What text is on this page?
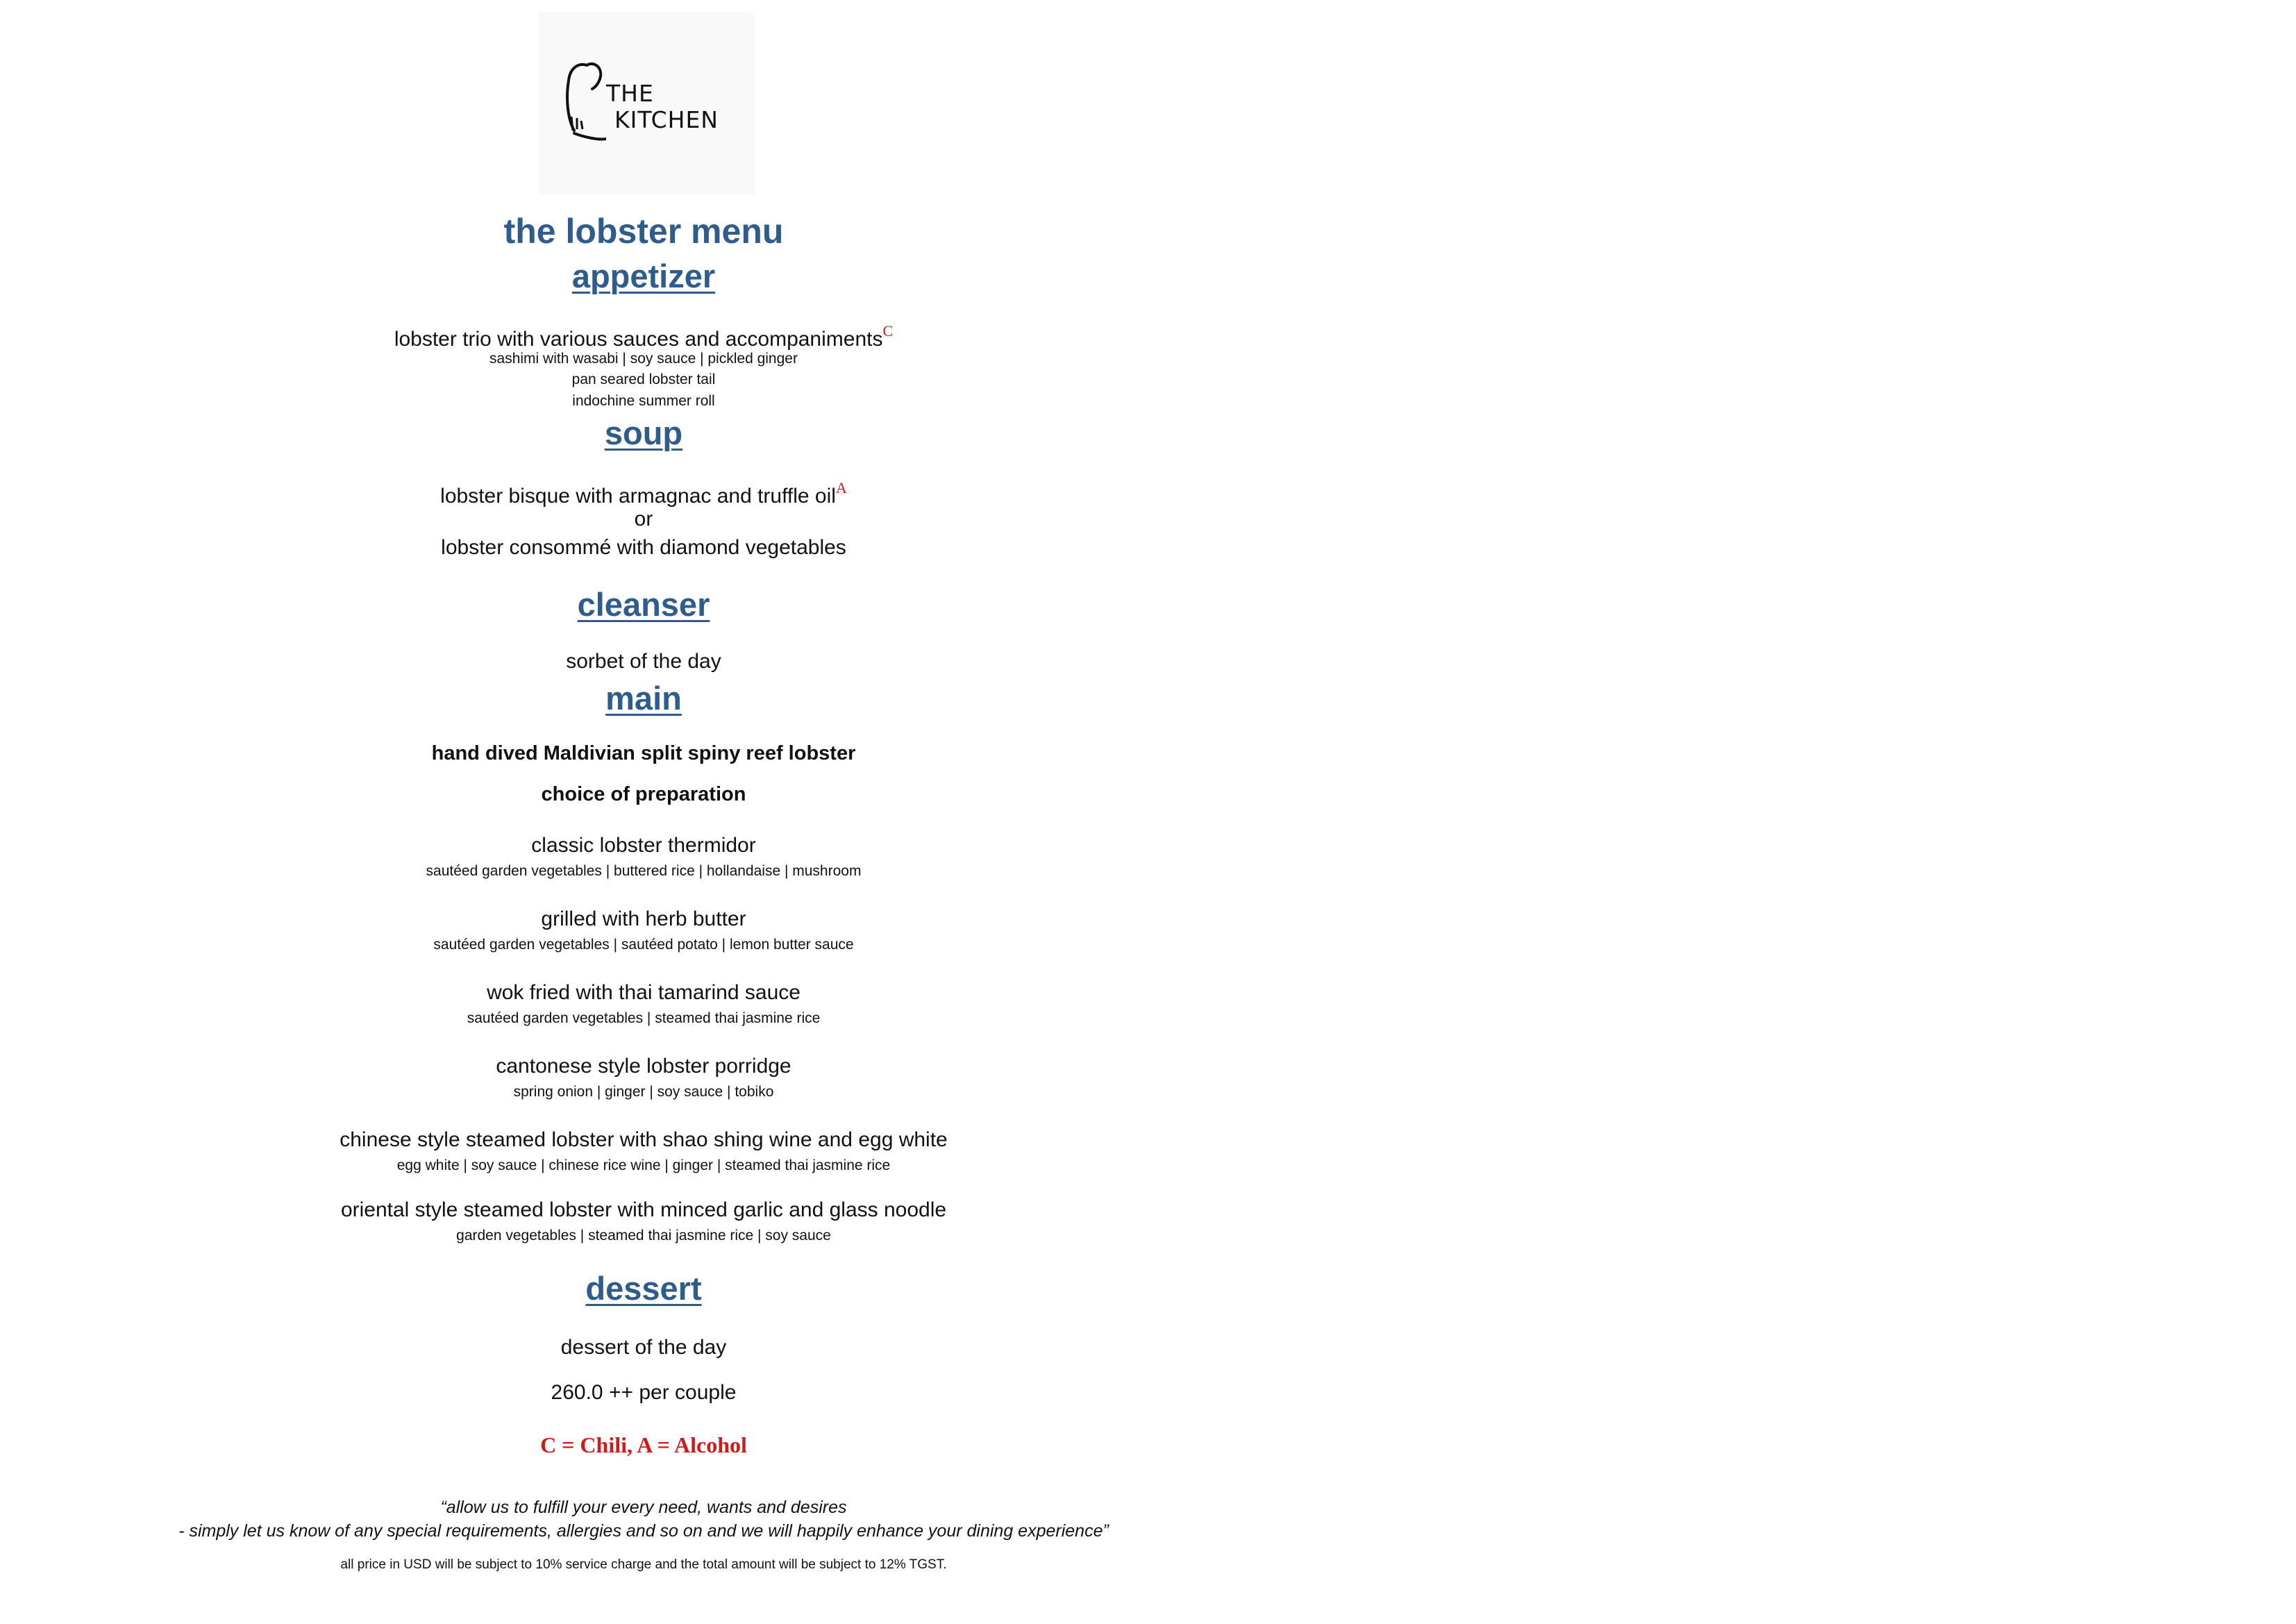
THE
KITCHEN
the lobster menu
appetizer
lobster trio with various sauces and accompaniments$^C$
sashimi with wasabi | soy sauce | pickled ginger
pan seared lobster tail
indochine summer roll
soup
lobster bisque with armagnac and truffle oil$^A$
or
lobster consommé with diamond vegetables
cleanser
sorbet of the day
main
hand dived Maldivian split spiny reef lobster
choice of preparation
classic lobster thermidor
sautéed garden vegetables | buttered rice | hollandaise | mushroom
grilled with herb butter
sautéed garden vegetables | sautéed potato | lemon butter sauce
wok fried with thai tamarind sauce
sautéed garden vegetables | steamed thai jasmine rice
cantonese style lobster porridge
spring onion | ginger | soy sauce | tobiko
chinese style steamed lobster with shao shing wine and egg white
egg white | soy sauce | chinese rice wine | ginger | steamed thai jasmine rice
oriental style steamed lobster with minced garlic and glass noodle
garden vegetables | steamed thai jasmine rice | soy sauce
dessert
dessert of the day
260.0 ++ per couple
C = Chili, A = Alcohol
“allow us to fulfill your every need, wants and desires
- simply let us know of any special requirements, allergies and so on and we will happily enhance your dining experience”
all price in USD will be subject to 10% service charge and the total amount will be subject to 12% TGST.
